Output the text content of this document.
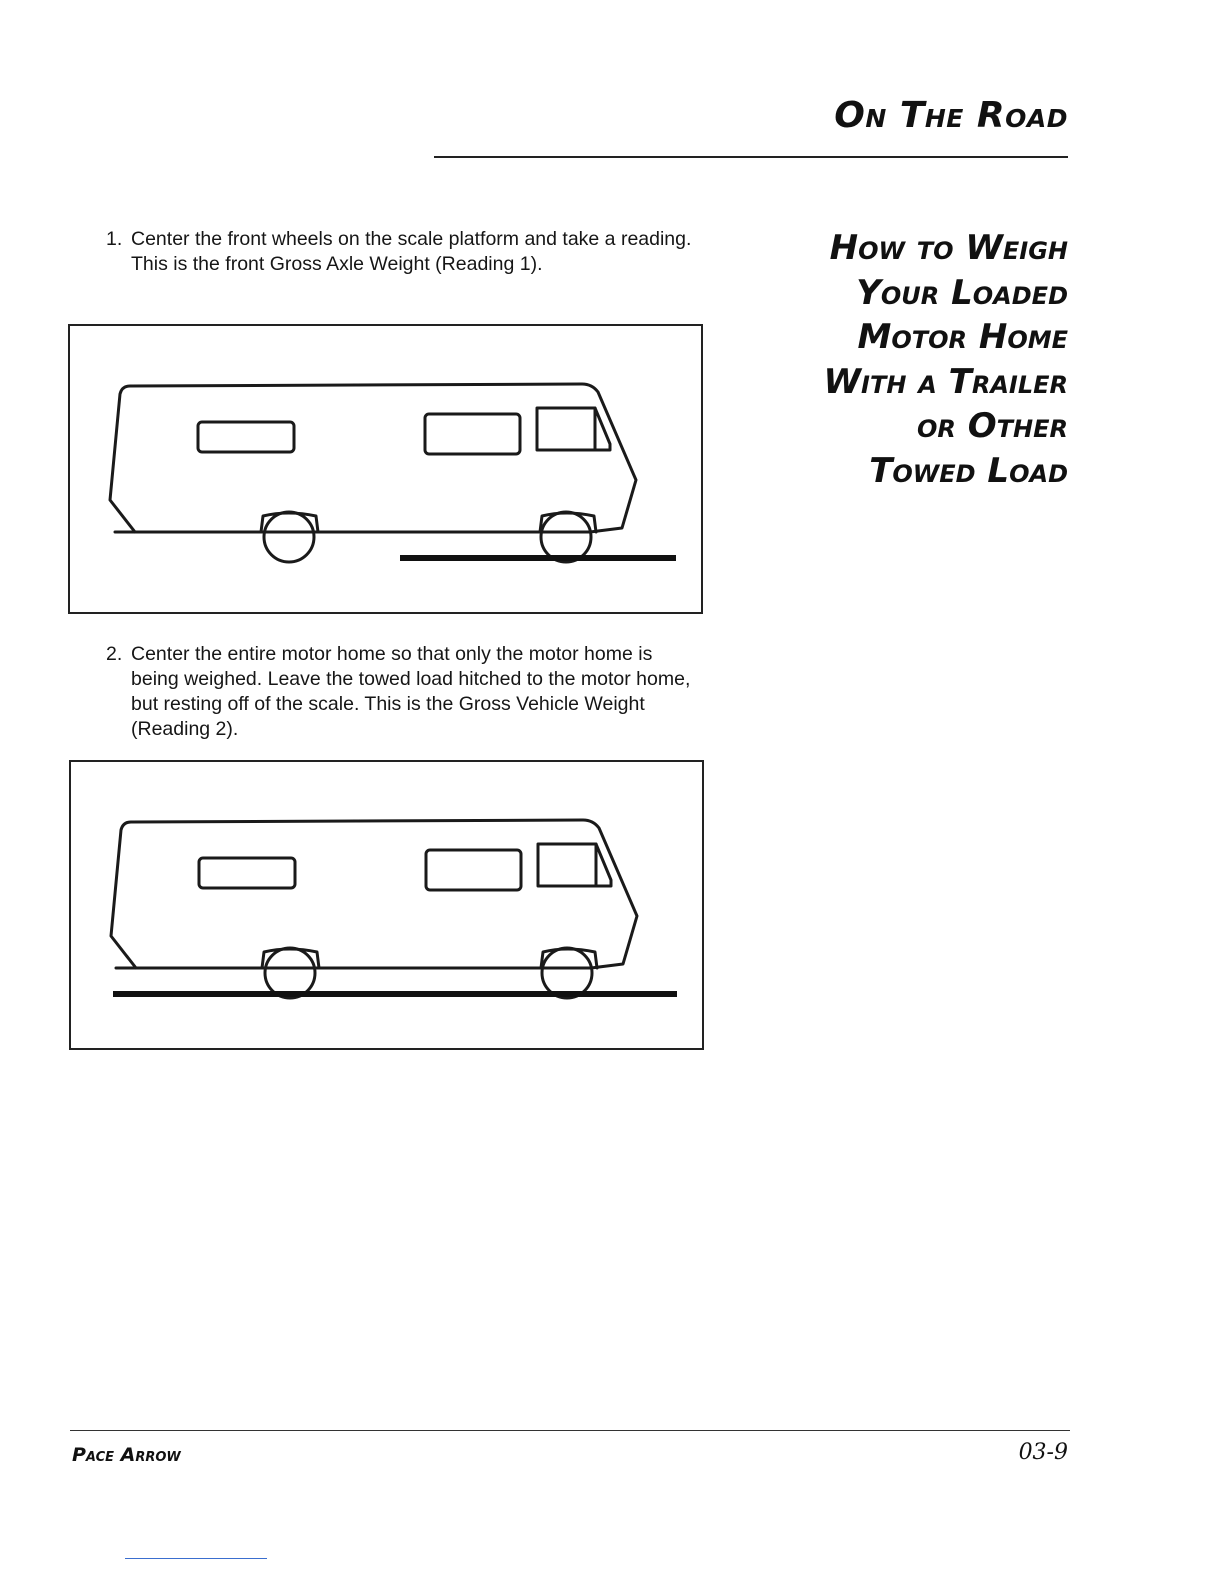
On The Road
How to Weigh
Your Loaded
Motor Home
With a Trailer
or Other
Towed Load
1. Center the front wheels on the scale platform and take a reading. This is the front Gross Axle Weight (Reading 1).
2. Center the entire motor home so that only the motor home is being weighed. Leave the towed load hitched to the motor home, but resting off of the scale. This is the Gross Vehicle Weight (Reading 2).
Pace Arrow	03-9
